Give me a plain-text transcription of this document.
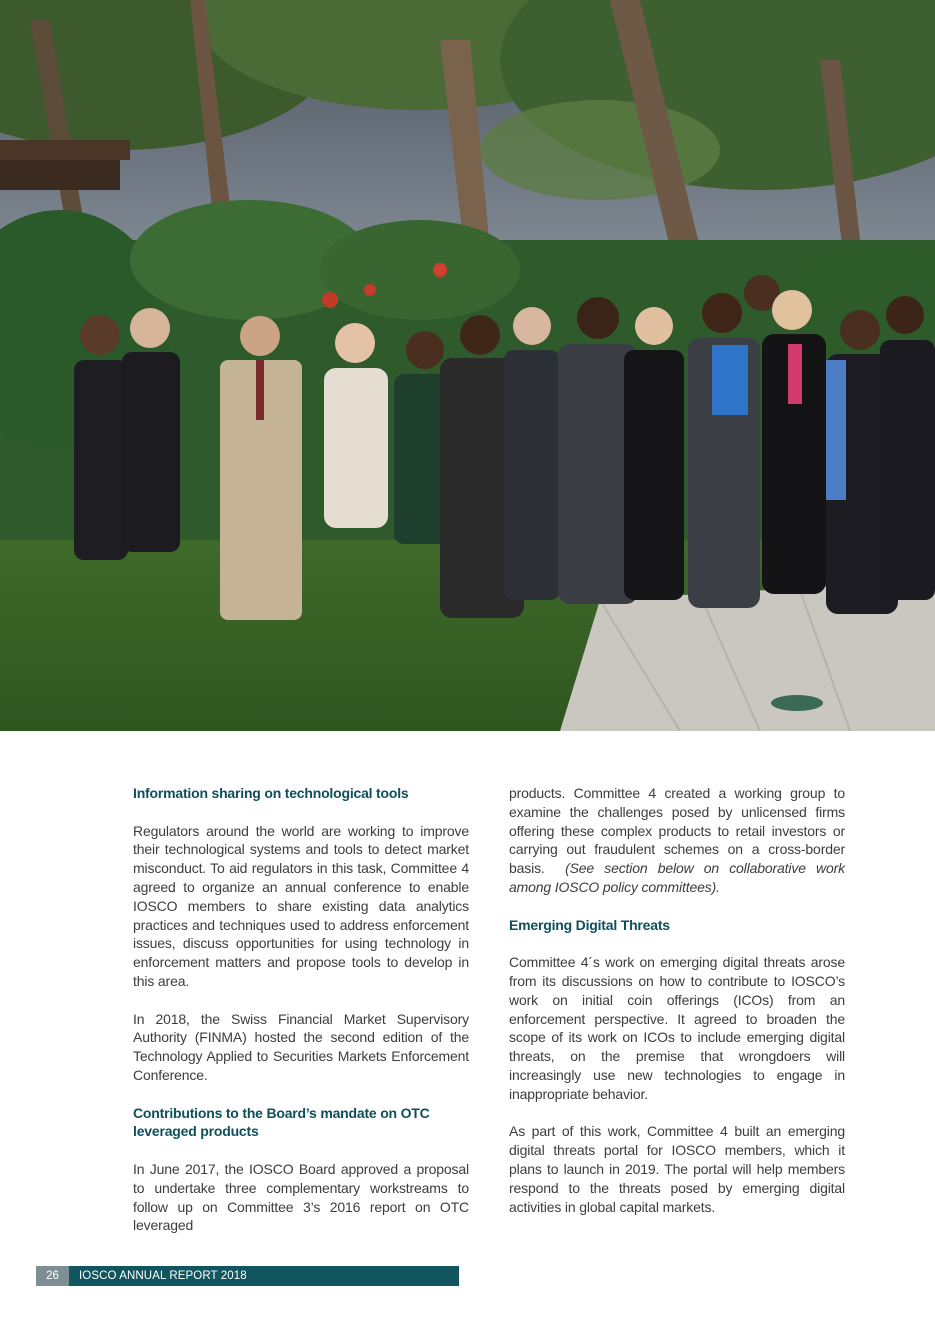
Information sharing on technological tools

Regulators around the world are working to improve their technological systems and tools to detect market misconduct. To aid regulators in this task, Committee 4 agreed to organize an annual conference to enable IOSCO members to share existing data analytics practices and techniques used to address enforcement issues, discuss opportunities for using technology in enforcement matters and propose tools to develop in this area.

In 2018, the Swiss Financial Market Supervisory Authority (FINMA) hosted the second edition of the Technology Applied to Securities Markets Enforcement Conference.

Contributions to the Board’s mandate on OTC leveraged products

In June 2017, the IOSCO Board approved a proposal to undertake three complementary workstreams to follow up on Committee 3’s 2016 report on OTC leveraged

products. Committee 4 created a working group to examine the challenges posed by unlicensed firms offering these complex products to retail investors or carrying out fraudulent schemes on a cross-border basis. (See section below on collaborative work among IOSCO policy committees).

Emerging Digital Threats

Committee 4´s work on emerging digital threats arose from its discussions on how to contribute to IOSCO’s work on initial coin offerings (ICOs) from an enforcement perspective. It agreed to broaden the scope of its work on ICOs to include emerging digital threats, on the premise that wrongdoers will increasingly use new technologies to engage in inappropriate behavior.

As part of this work, Committee 4 built an emerging digital threats portal for IOSCO members, which it plans to launch in 2019. The portal will help members respond to the threats posed by emerging digital activities in global capital markets.

26	IOSCO ANNUAL REPORT 2018
